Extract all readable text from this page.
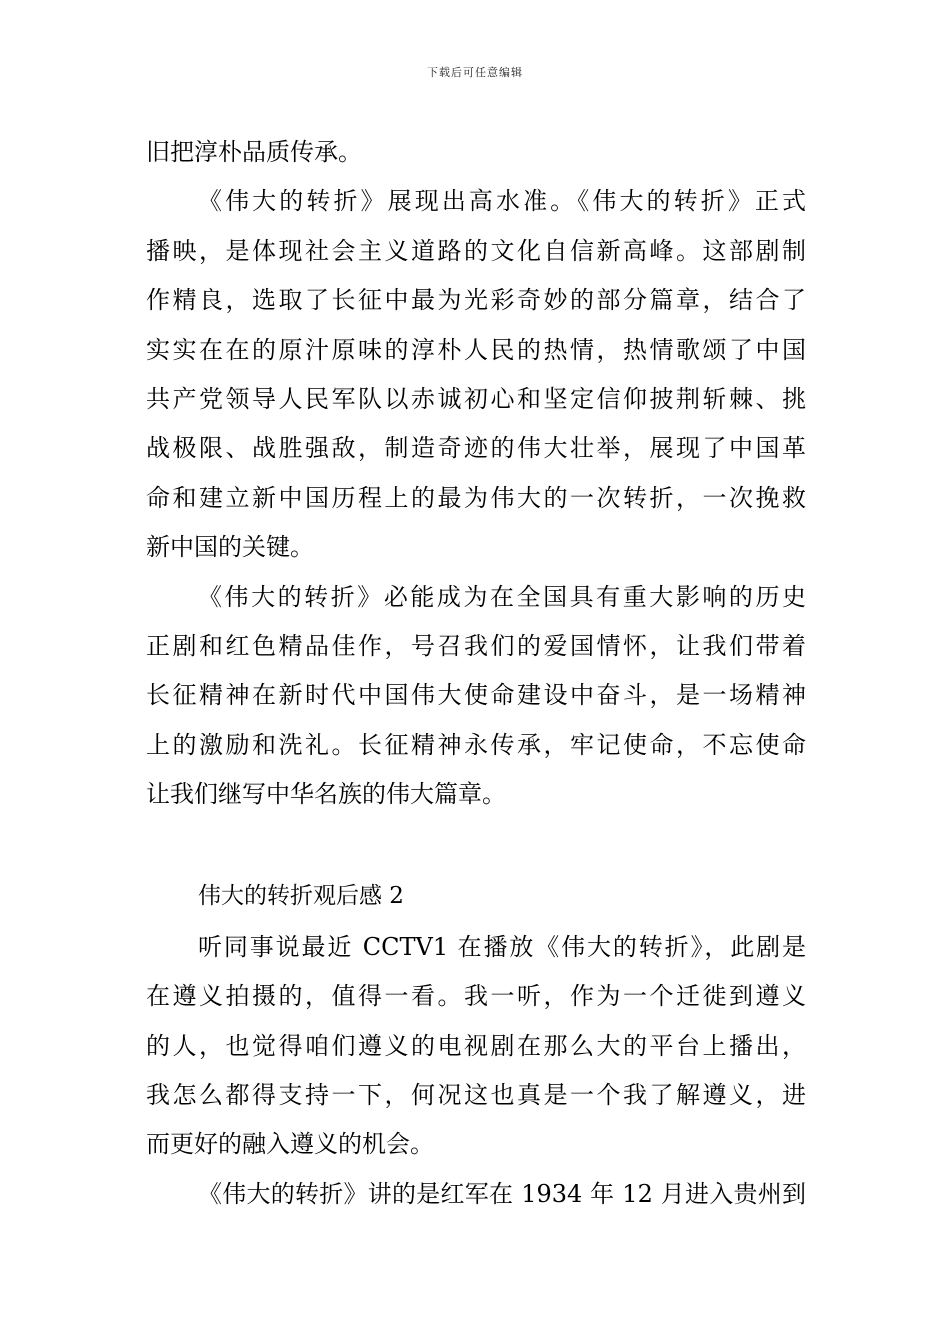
下载后可任意编辑
旧把淳朴品质传承。
《伟大的转折》展现出高水准。《伟大的转折》正式
播映，是体现社会主义道路的文化自信新高峰。这部剧制
作精良，选取了长征中最为光彩奇妙的部分篇章，结合了
实实在在的原汁原味的淳朴人民的热情，热情歌颂了中国
共产党领导人民军队以赤诚初心和坚定信仰披荆斩棘、挑
战极限、战胜强敌，制造奇迹的伟大壮举，展现了中国革
命和建立新中国历程上的最为伟大的一次转折，一次挽救
新中国的关键。
《伟大的转折》必能成为在全国具有重大影响的历史
正剧和红色精品佳作，号召我们的爱国情怀，让我们带着
长征精神在新时代中国伟大使命建设中奋斗，是一场精神
上的激励和洗礼。长征精神永传承，牢记使命，不忘使命
让我们继写中华名族的伟大篇章。
伟大的转折观后感 2
听同事说最近 CCTV1 在播放《伟大的转折》，此剧是
在遵义拍摄的，值得一看。我一听，作为一个迁徙到遵义
的人，也觉得咱们遵义的电视剧在那么大的平台上播出，
我怎么都得支持一下，何况这也真是一个我了解遵义，进
而更好的融入遵义的机会。
《伟大的转折》讲的是红军在 1934 年 12 月进入贵州到
